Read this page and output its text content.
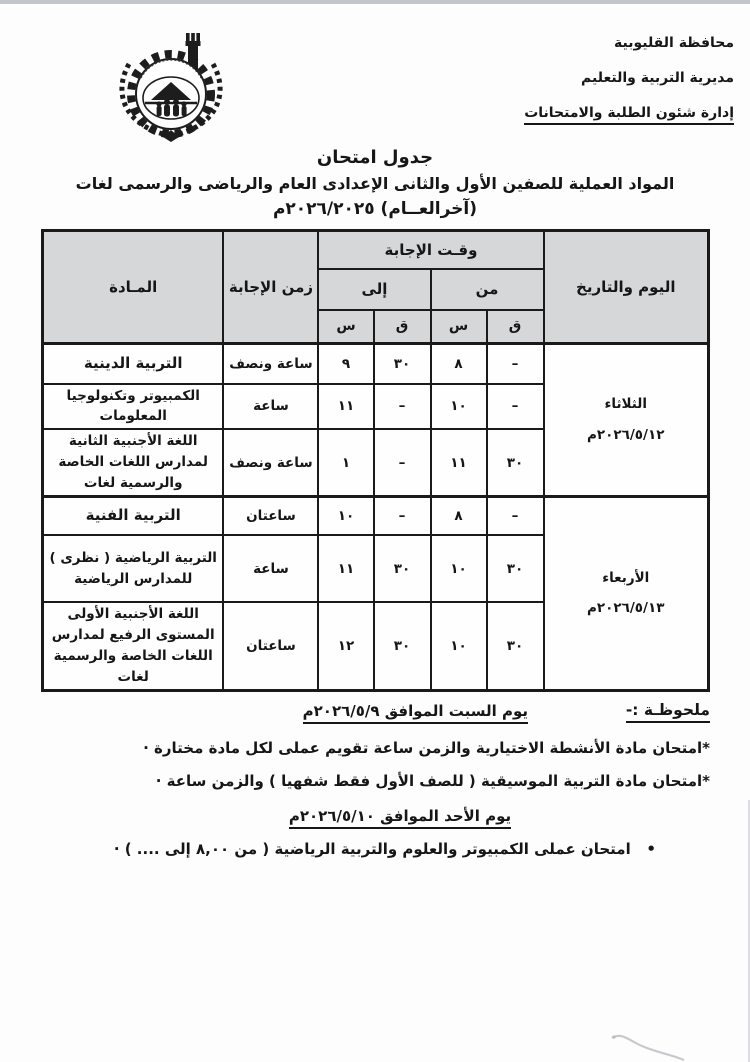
محافظة القليوبية
مديرية التربية والتعليم
إدارة شئون الطلبة والامتحانات
جدول امتحان
المواد العملية للصفين الأول والثانى الإعدادى العام والرياضى والرسمى لغات
(آخرالعــام) ٢٠٢٦/٢٠٢٥م
اليوم والتاريخ	وقـت الإجابة				زمن الإجابة	المـادة
	من		إلى			
	ق	س	ق	س		

الثلاثاء
٢٠٢٦/٥/١٢م	–	٨	٣٠	٩	ساعة ونصف	التربية الدينية
	–	١٠	–	١١	ساعة	الكمبيوتر وتكنولوجيا المعلومات
	٣٠	١١	–	١	ساعة ونصف	اللغة الأجنبية الثانية لمدارس اللغات الخاصة والرسمية لغات

الأربعاء
٢٠٢٦/٥/١٣م	–	٨	–	١٠	ساعتان	التربية الفنية
	٣٠	١٠	٣٠	١١	ساعة	التربية الرياضية ( نظرى ) للمدارس الرياضية
	٣٠	١٠	٣٠	١٢	ساعتان	اللغة الأجنبية الأولى المستوى الرفيع لمدارس اللغات الخاصة والرسمية لغات
ملحوظـة :-
يوم السبت الموافق ٢٠٢٦/٥/٩م
*امتحان مادة الأنشطة الاختيارية والزمن ساعة تقويم عملى لكل مادة مختارة ·
*امتحان مادة التربية الموسيقية ( للصف الأول فقط شفهيا ) والزمن ساعة ·
يوم الأحد الموافق ٢٠٢٦/٥/١٠م
•   امتحان عملى الكمبيوتر والعلوم والتربية الرياضية ( من ٨,٠٠ إلى .... ) ·
